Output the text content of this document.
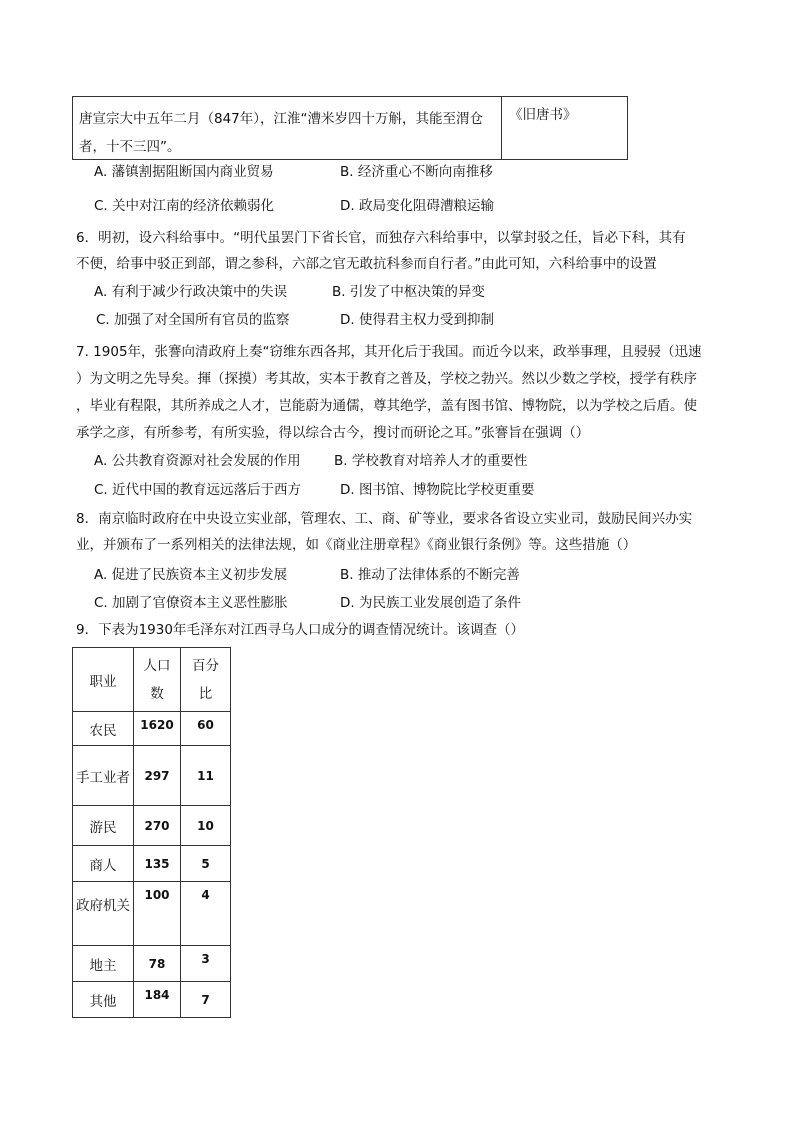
唐宣宗大中五年二月（847年），江淮“漕米岁四十万斛，其能至渭仓者，十不三四”。
《旧唐书》
A. 藩镇割据阻断国内商业贸易	B. 经济重心不断向南推移
C. 关中对江南的经济依赖弱化	D. 政局变化阻碍漕粮运输
6．明初，设六科给事中。“明代虽罢门下省长官，而独存六科给事中，以掌封驳之任，旨必下科，其有
不便，给事中驳正到部，谓之参科，六部之官无敢抗科参而自行者。”由此可知，六科给事中的设置
A. 有利于减少行政决策中的失误	B. 引发了中枢决策的异变
C. 加强了对全国所有官员的监察	D. 使得君主权力受到抑制
7. 1905年，张謇向清政府上奏“窃维东西各邦，其开化后于我国。而近今以来，政举事理，且骎骎（迅速
）为文明之先导矣。揮（探摸）考其故，实本于教育之普及，学校之勃兴。然以少数之学校，授学有秩序
，毕业有程限，其所养成之人才，岂能蔚为通儒，尊其绝学，盖有图书馆、博物院，以为学校之后盾。使
承学之彦，有所参考，有所实验，得以综合古今，搜讨而研论之耳。”张謇旨在强调（）
A. 公共教育资源对社会发展的作用 B. 学校教育对培养人才的重要性
C. 近代中国的教育远远落后于西方	D. 图书馆、博物院比学校更重要
8．南京临时政府在中央设立实业部，管理农、工、商、矿等业，要求各省设立实业司，鼓励民间兴办实
业，并颁布了一系列相关的法律法规，如《商业注册章程》《商业银行条例》等。这些措施（）
A. 促进了民族资本主义初步发展	B. 推动了法律体系的不断完善
C. 加剧了官僚资本主义恶性膨胀	D. 为民族工业发展创造了条件
9．下表为1930年毛泽东对江西寻乌人口成分的调查情况统计。该调查（）
职业	人口数	百分比
农民	1620	60
手工业者	297	11
游民	270	10
商人	135	5
政府机关	100	4
地主	78	3
其他	184	7
